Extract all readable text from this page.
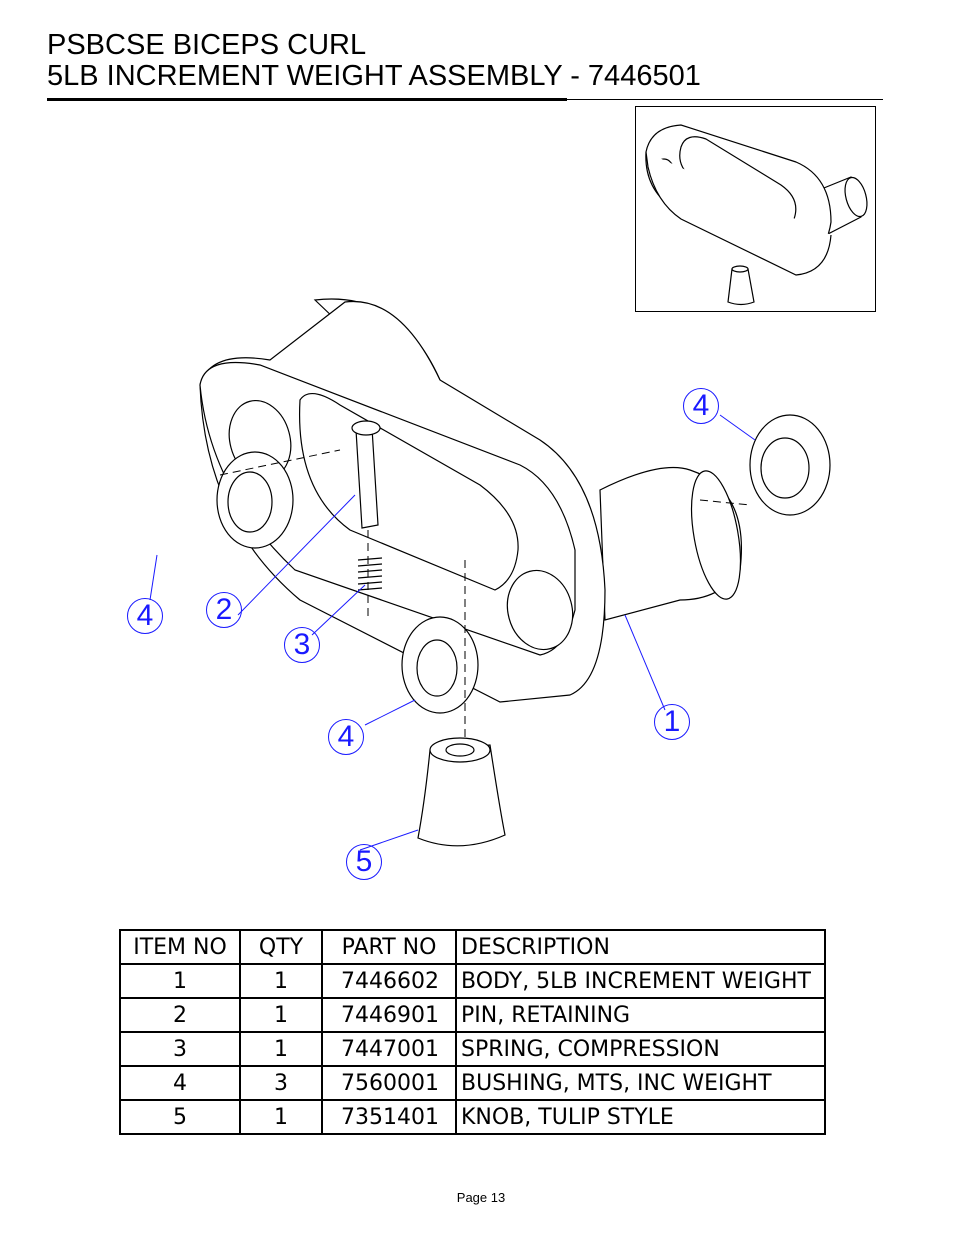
PSBCSE BICEPS CURL
5LB INCREMENT WEIGHT ASSEMBLY - 7446501
1
2
3
4
4
4
5
ITEM NO	QTY	PART NO	DESCRIPTION
1	1	7446602	BODY, 5LB INCREMENT WEIGHT
2	1	7446901	PIN, RETAINING
3	1	7447001	SPRING, COMPRESSION
4	3	7560001	BUSHING, MTS, INC WEIGHT
5	1	7351401	KNOB, TULIP STYLE
Page 13
